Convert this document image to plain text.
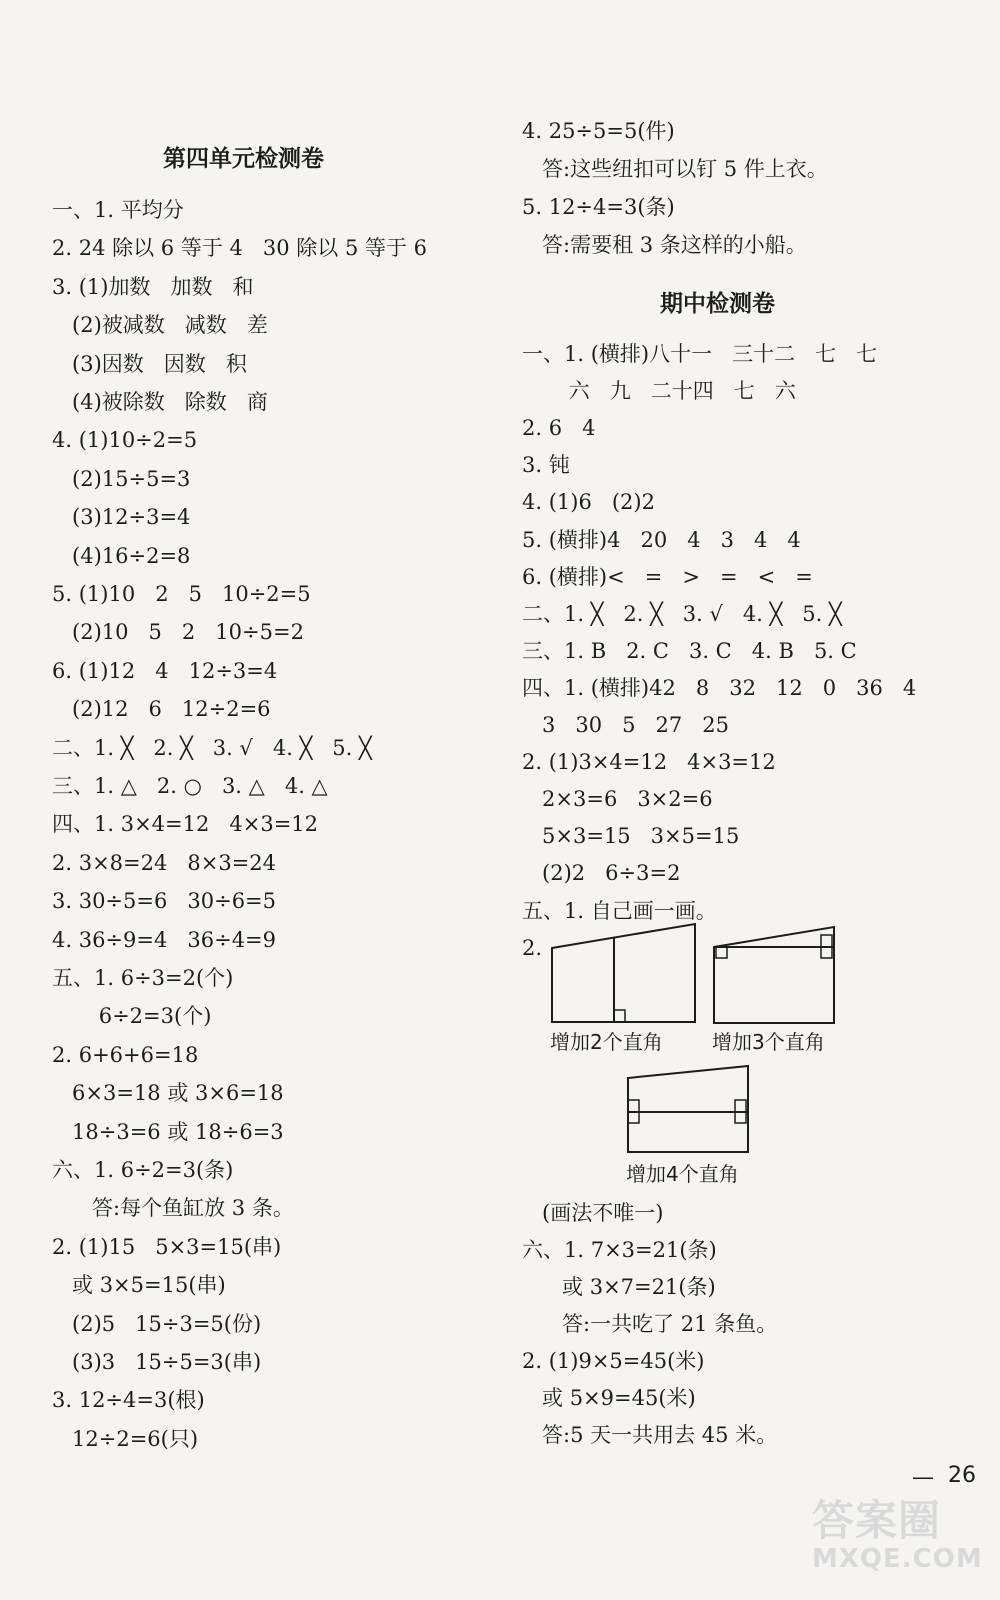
第四单元检测卷
一、1. 平均分
2. 24 除以 6 等于 4   30 除以 5 等于 6
3. (1)加数   加数   和
(2)被减数   减数   差
(3)因数   因数   积
(4)被除数   除数   商
4. (1)10÷2=5
(2)15÷5=3
(3)12÷3=4
(4)16÷2=8
5. (1)10   2   5   10÷2=5
(2)10   5   2   10÷5=2
6. (1)12   4   12÷3=4
(2)12   6   12÷2=6
二、1. ╳   2. ╳   3. √   4. ╳   5. ╳
三、1. △   2. ○   3. △   4. △
四、1. 3×4=12   4×3=12
2. 3×8=24   8×3=24
3. 30÷5=6   30÷6=5
4. 36÷9=4   36÷4=9
五、1. 6÷3=2(个)
6÷2=3(个)
2. 6+6+6=18
6×3=18 或 3×6=18
18÷3=6 或 18÷6=3
六、1. 6÷2=3(条)
答:每个鱼缸放 3 条。
2. (1)15   5×3=15(串)
或 3×5=15(串)
(2)5   15÷3=5(份)
(3)3   15÷5=3(串)
3. 12÷4=3(根)
12÷2=6(只)
4. 25÷5=5(件)
答:这些纽扣可以钉 5 件上衣。
5. 12÷4=3(条)
答:需要租 3 条这样的小船。
期中检测卷
一、1. (横排)八十一   三十二   七   七
六   九   二十四   七   六
2. 6   4
3. 钝
4. (1)6   (2)2
5. (横排)4   20   4   3   4   4
6. (横排)<   =   >   =   <   =
二、1. ╳   2. ╳   3. √   4. ╳   5. ╳
三、1. B   2. C   3. C   4. B   5. C
四、1. (横排)42   8   32   12   0   36   4
3   30   5   27   25
2. (1)3×4=12   4×3=12
2×3=6   3×2=6
5×3=15   3×5=15
(2)2   6÷3=2
五、1. 自己画一画。
2.
增加2个直角 增加3个直角
增加4个直角
(画法不唯一)
六、1. 7×3=21(条)
或 3×7=21(条)
答:一共吃了 21 条鱼。
2. (1)9×5=45(米)
或 5×9=45(米)
答:5 天一共用去 45 米。
— 26
答案圈
MXQE.COM
